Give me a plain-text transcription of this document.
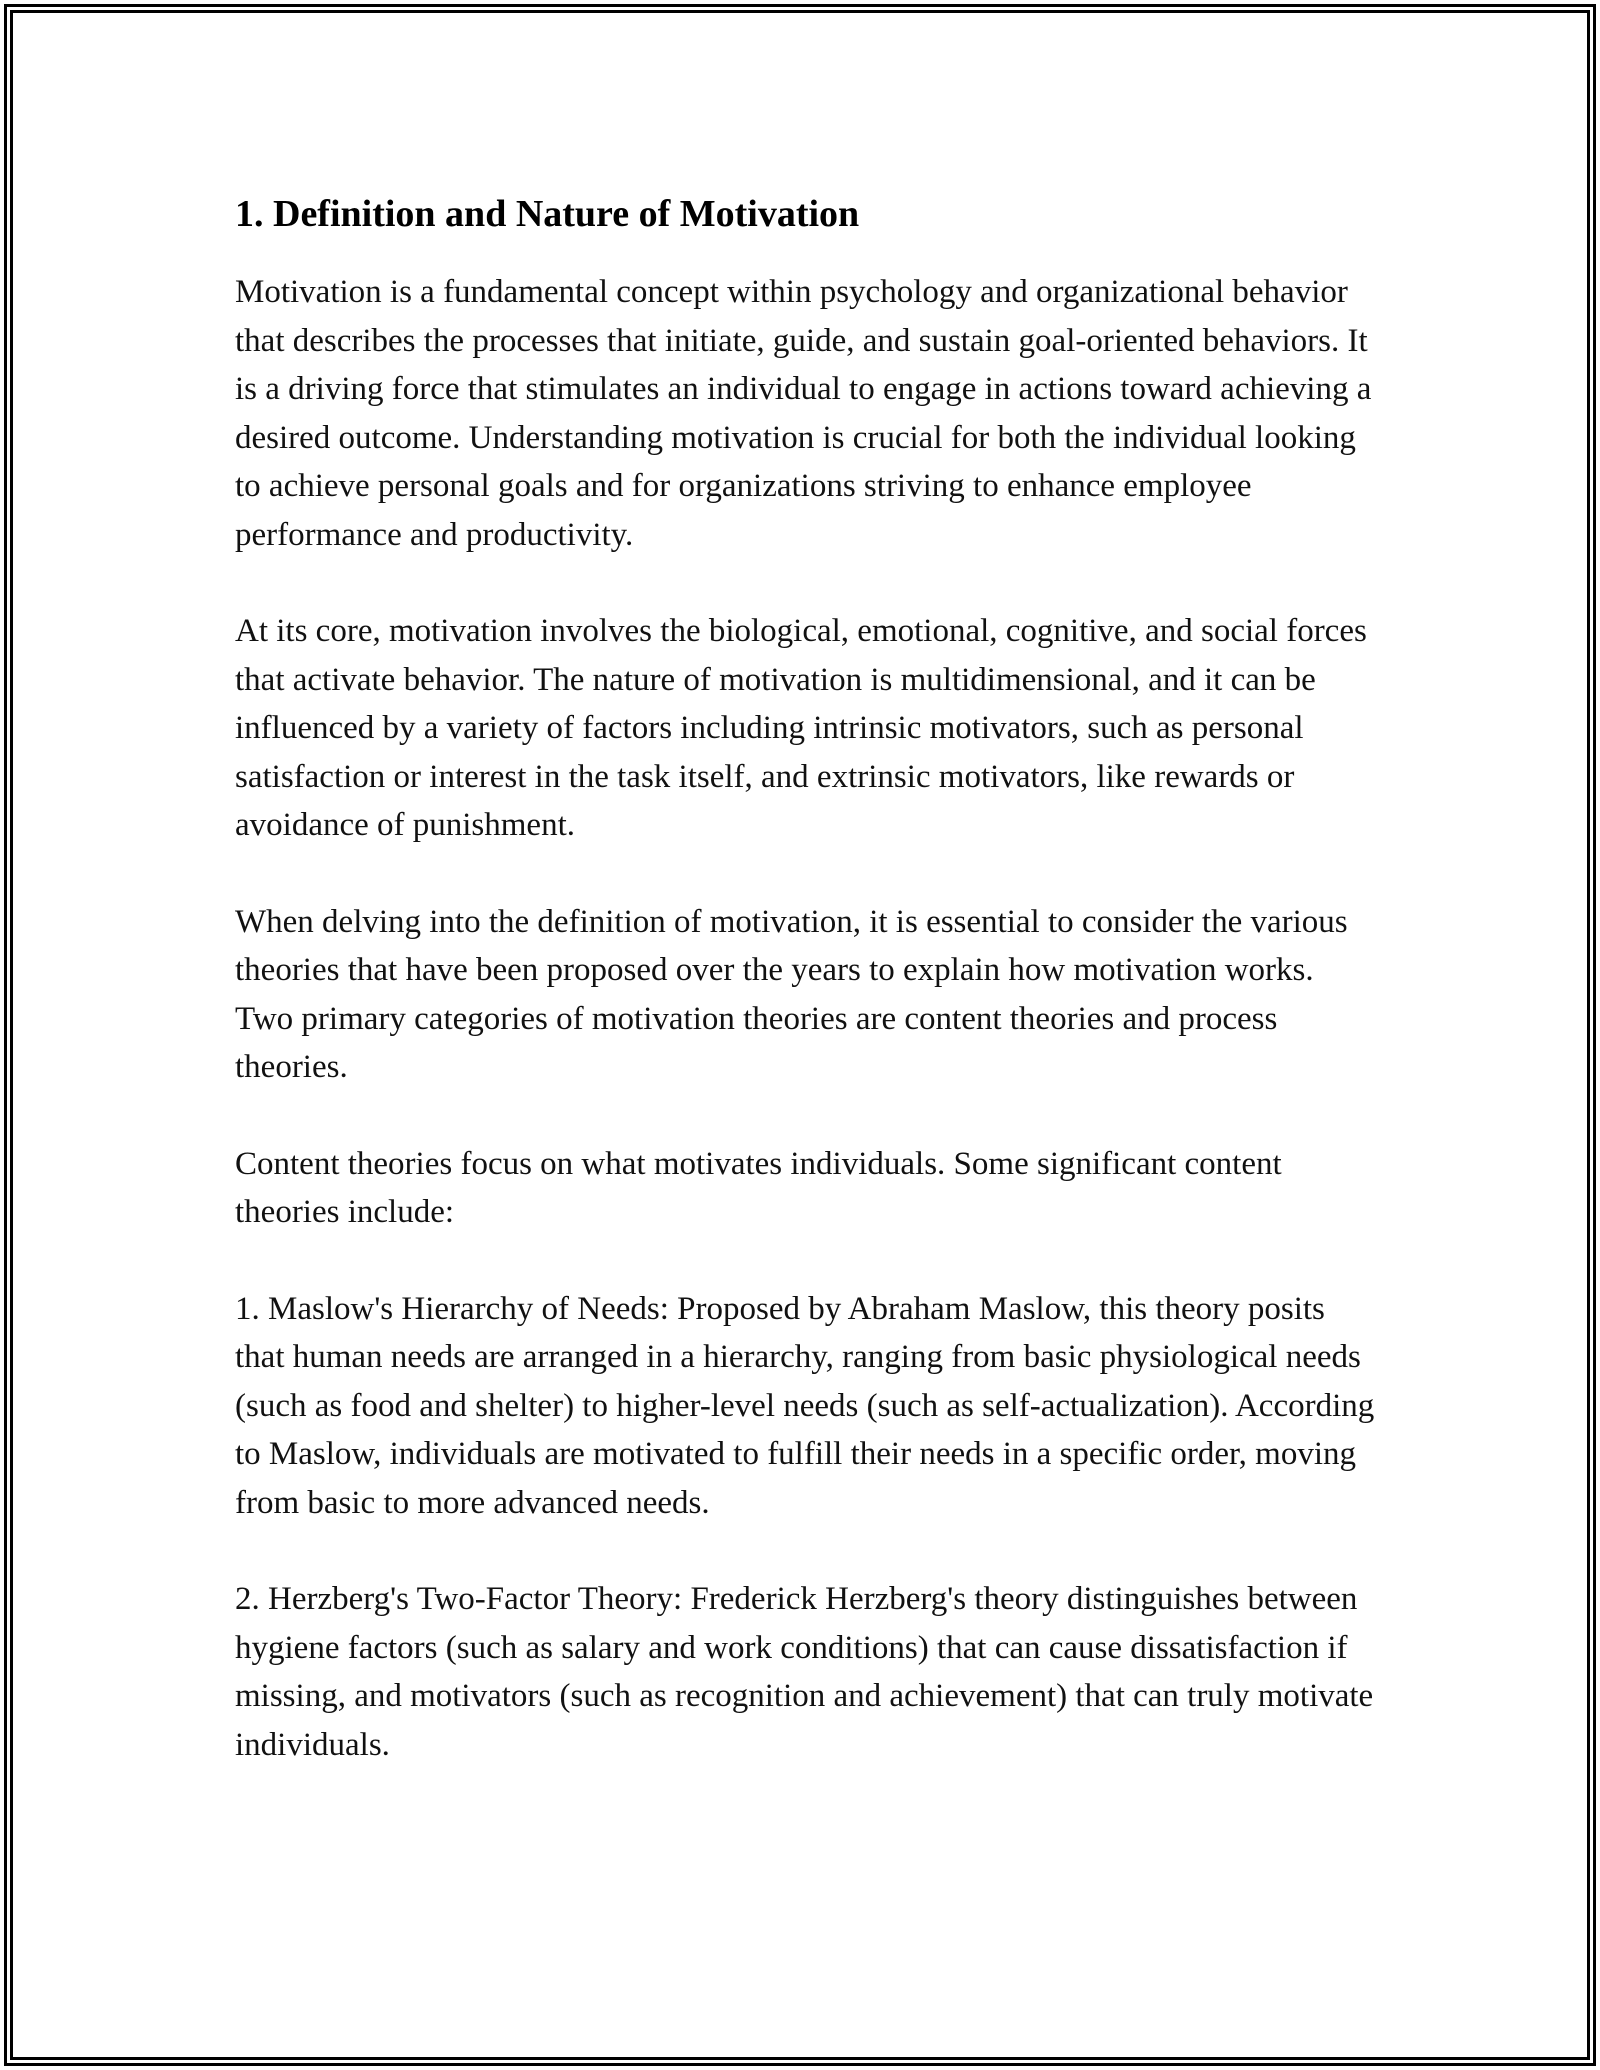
1. Definition and Nature of Motivation

Motivation is a fundamental concept within psychology and organizational behavior that describes the processes that initiate, guide, and sustain goal-oriented behaviors. It is a driving force that stimulates an individual to engage in actions toward achieving a desired outcome. Understanding motivation is crucial for both the individual looking to achieve personal goals and for organizations striving to enhance employee performance and productivity.

At its core, motivation involves the biological, emotional, cognitive, and social forces that activate behavior. The nature of motivation is multidimensional, and it can be influenced by a variety of factors including intrinsic motivators, such as personal satisfaction or interest in the task itself, and extrinsic motivators, like rewards or avoidance of punishment.

When delving into the definition of motivation, it is essential to consider the various theories that have been proposed over the years to explain how motivation works. Two primary categories of motivation theories are content theories and process theories.

Content theories focus on what motivates individuals. Some significant content theories include:

1. Maslow's Hierarchy of Needs: Proposed by Abraham Maslow, this theory posits that human needs are arranged in a hierarchy, ranging from basic physiological needs (such as food and shelter) to higher-level needs (such as self-actualization). According to Maslow, individuals are motivated to fulfill their needs in a specific order, moving from basic to more advanced needs.

2. Herzberg's Two-Factor Theory: Frederick Herzberg's theory distinguishes between hygiene factors (such as salary and work conditions) that can cause dissatisfaction if missing, and motivators (such as recognition and achievement) that can truly motivate individuals.
